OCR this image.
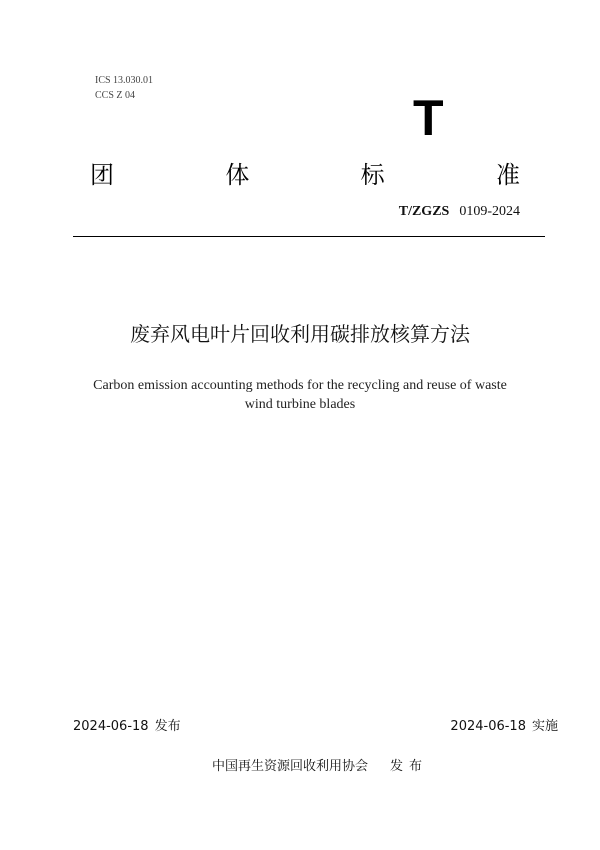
ICS 13.030.01
CCS Z 04	T
团	体	标	准
T/ZGZS 0109-2024
废弃风电叶片回收利用碳排放核算方法
Carbon emission accounting methods for the recycling and reuse of waste
wind turbine blades
2024-06-18 发布	2024-06-18 实施
中国再生资源回收利用协会 发布
